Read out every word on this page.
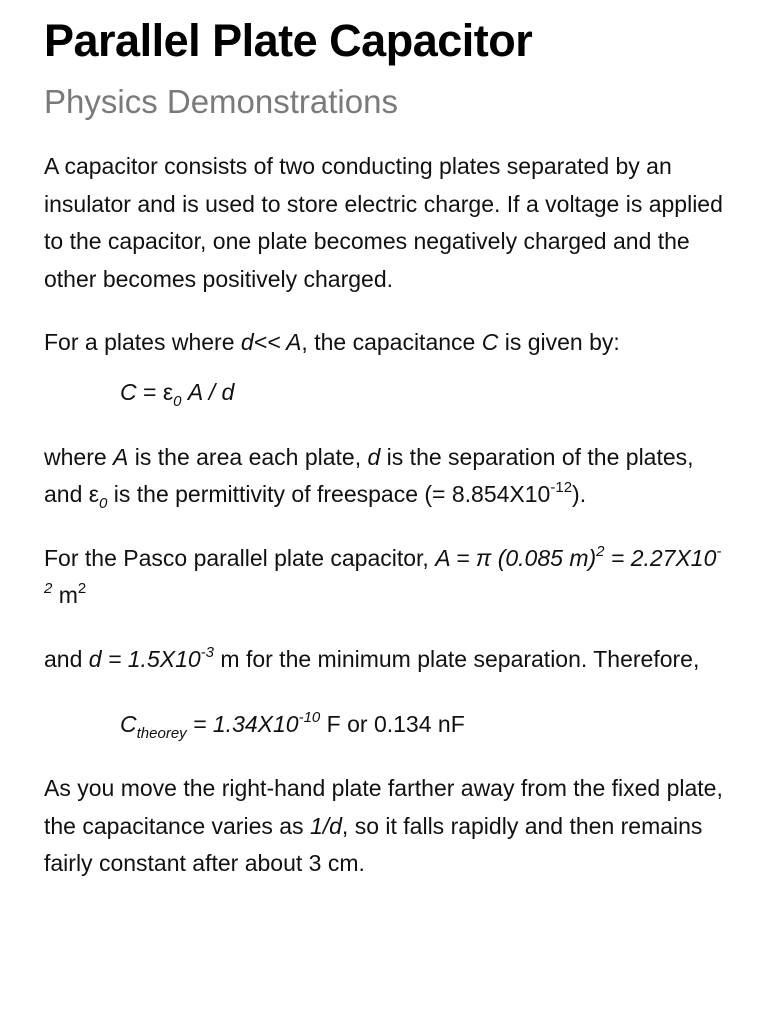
Parallel Plate Capacitor
Physics Demonstrations

A capacitor consists of two conducting plates separated by an insulator and is used to store electric charge. If a voltage is applied to the capacitor, one plate becomes negatively charged and the other becomes positively charged.

For a plates where d<< A, the capacitance C is given by:

$C = \varepsilon_0$ A / d

where A is the area each plate, d is the separation of the plates, and $\varepsilon_0$ is the permittivity of freespace (= $8.854X10^{-12}$).

For the Pasco parallel plate capacitor, A = π (0.085 $m)^2 = 2.27X10^{-2}$ $m^2$

and $d = 1.5X10^{-3}$ m for the minimum plate separation. Therefore,

$C_{theorey} = 1.34X10^{-10}$ F or 0.134 nF

As you move the right-hand plate farther away from the fixed plate, the capacitance varies as 1/d, so it falls rapidly and then remains fairly constant after about 3 cm.
